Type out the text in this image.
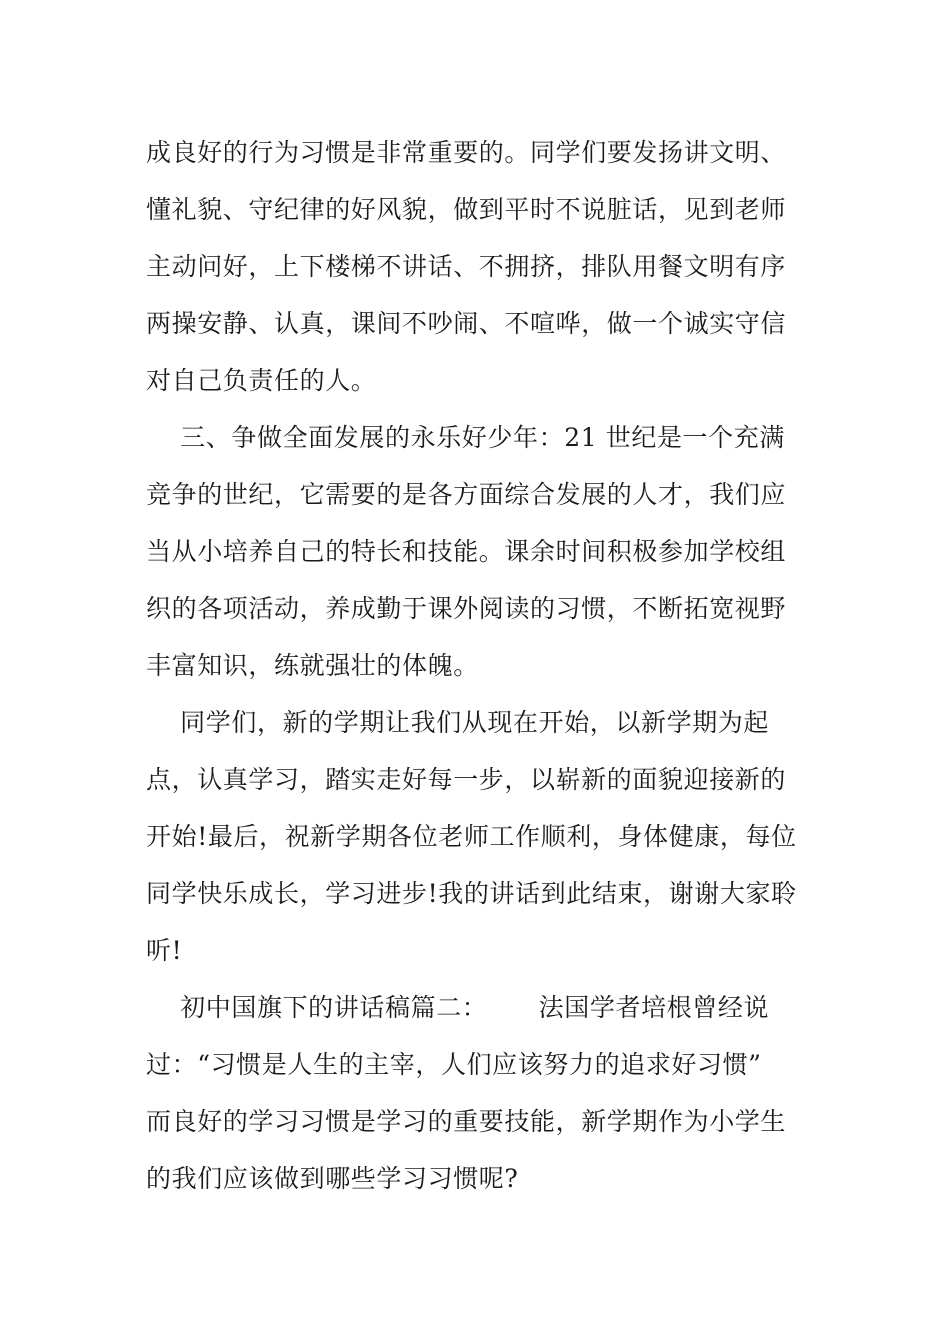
成良好的行为习惯是非常重要的。同学们要发扬讲文明、
懂礼貌、守纪律的好风貌，做到平时不说脏话，见到老师
主动问好，上下楼梯不讲话、不拥挤，排队用餐文明有序
两操安静、认真，课间不吵闹、不喧哗，做一个诚实守信
对自己负责任的人。
三、争做全面发展的永乐好少年：21 世纪是一个充满
竞争的世纪，它需要的是各方面综合发展的人才，我们应
当从小培养自己的特长和技能。课余时间积极参加学校组
织的各项活动，养成勤于课外阅读的习惯，不断拓宽视野
丰富知识，练就强壮的体魄。
同学们，新的学期让我们从现在开始，以新学期为起
点，认真学习，踏实走好每一步，以崭新的面貌迎接新的
开始!最后，祝新学期各位老师工作顺利，身体健康，每位
同学快乐成长，学习进步!我的讲话到此结束，谢谢大家聆
听!
初中国旗下的讲话稿篇二：      法国学者培根曾经说
过：“习惯是人生的主宰，人们应该努力的追求好习惯”
而良好的学习习惯是学习的重要技能，新学期作为小学生
的我们应该做到哪些学习习惯呢?
